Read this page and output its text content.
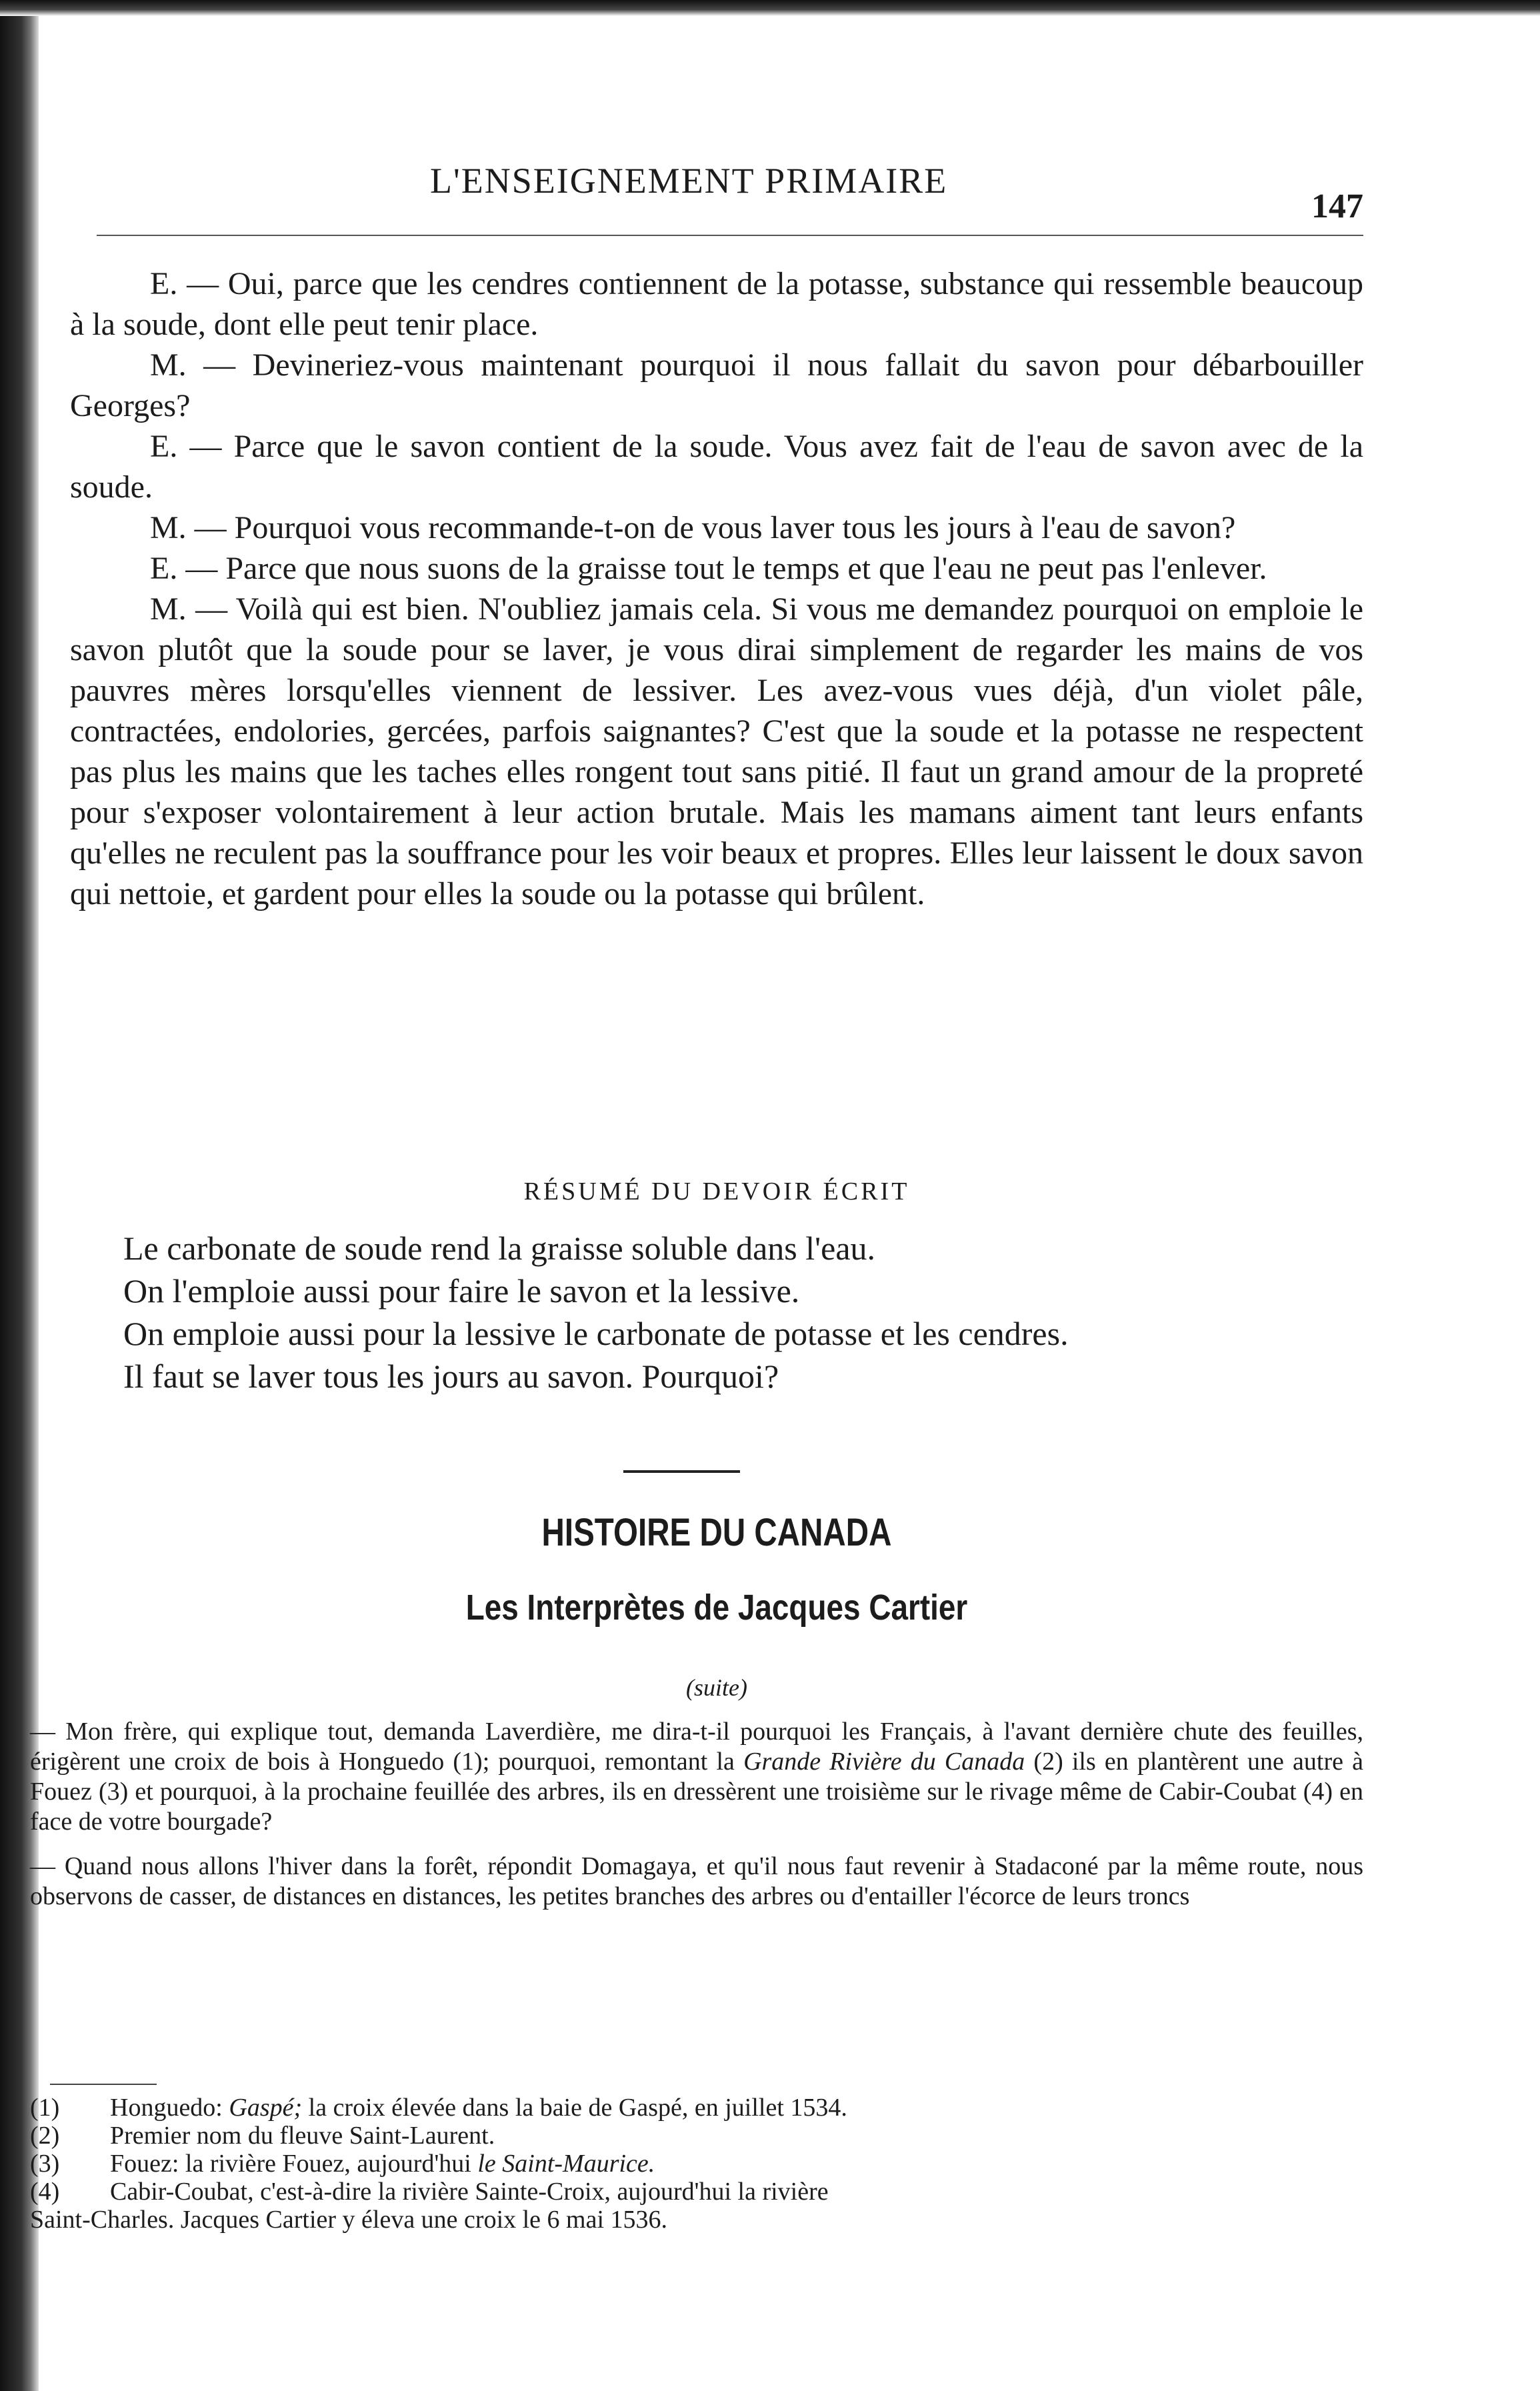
L'ENSEIGNEMENT PRIMAIRE
147

E. — Oui, parce que les cendres contiennent de la potasse, substance qui ressemble beaucoup à la soude, dont elle peut tenir place.

M. — Devineriez-vous maintenant pourquoi il nous fallait du savon pour débarbouiller Georges?

E. — Parce que le savon contient de la soude. Vous avez fait de l'eau de savon avec de la soude.

M. — Pourquoi vous recommande-t-on de vous laver tous les jours à l'eau de savon?

E. — Parce que nous suons de la graisse tout le temps et que l'eau ne peut pas l'enlever.

M. — Voilà qui est bien. N'oubliez jamais cela. Si vous me demandez pourquoi on emploie le savon plutôt que la soude pour se laver, je vous dirai simplement de regarder les mains de vos pauvres mères lorsqu'elles viennent de lessiver. Les avez-vous vues déjà, d'un violet pâle, contractées, endolories, gercées, parfois saignantes? C'est que la soude et la potasse ne respectent pas plus les mains que les taches elles rongent tout sans pitié. Il faut un grand amour de la propreté pour s'exposer volontairement à leur action brutale. Mais les mamans aiment tant leurs enfants qu'elles ne reculent pas la souffrance pour les voir beaux et propres. Elles leur laissent le doux savon qui nettoie, et gardent pour elles la soude ou la potasse qui brûlent.

RÉSUMÉ DU DEVOIR ÉCRIT

Le carbonate de soude rend la graisse soluble dans l'eau.

On l'emploie aussi pour faire le savon et la lessive.

On emploie aussi pour la lessive le carbonate de potasse et les cendres.

Il faut se laver tous les jours au savon. Pourquoi?

HISTOIRE DU CANADA
Les Interprètes de Jacques Cartier
(suite)

— Mon frère, qui explique tout, demanda Laverdière, me dira-t-il pourquoi les Français, à l'avant dernière chute des feuilles, érigèrent une croix de bois à Honguedo (1); pourquoi, remontant la Grande Rivière du Canada (2) ils en plantèrent une autre à Fouez (3) et pourquoi, à la prochaine feuillée des arbres, ils en dressèrent une troisième sur le rivage même de Cabir-Coubat (4) en face de votre bourgade?

— Quand nous allons l'hiver dans la forêt, répondit Domagaya, et qu'il nous faut revenir à Stadaconé par la même route, nous observons de casser, de distances en distances, les petites branches des arbres ou d'entailler l'écorce de leurs troncs

(1) Honguedo: Gaspé; la croix élevée dans la baie de Gaspé, en juillet 1534.

(2) Premier nom du fleuve Saint-Laurent.

(3) Fouez: la rivière Fouez, aujourd'hui le Saint-Maurice.

(4) Cabir-Coubat, c'est-à-dire la rivière Sainte-Croix, aujourd'hui la rivière

Saint-Charles. Jacques Cartier y éleva une croix le 6 mai 1536.
